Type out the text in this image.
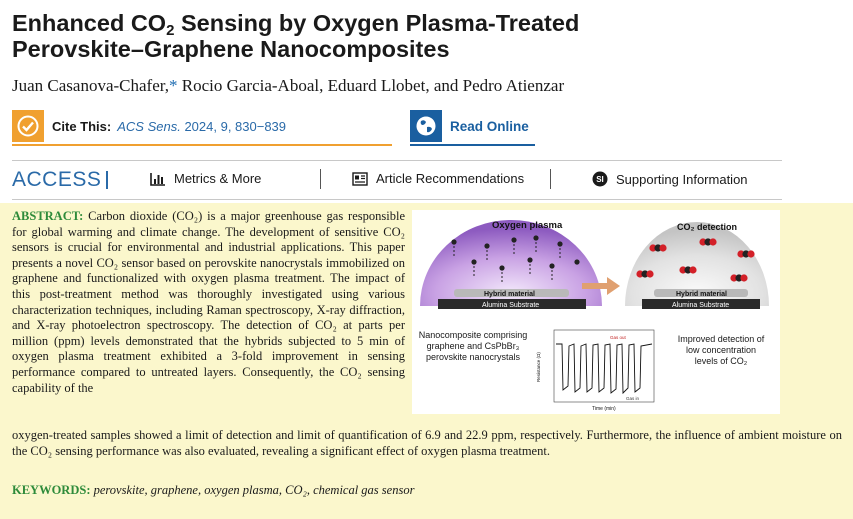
Enhanced $CO_2$ Sensing by Oxygen Plasma-Treated Perovskite–Graphene Nanocomposites
Juan Casanova-Chafer,* Rocio Garcia-Aboal, Eduard Llobet, and Pedro Atienzar
Cite This: ACS Sens. 2024, 9, 830−839	Read Online
ACCESS	Metrics & More	Article Recommendations	SI Supporting Information
ABSTRACT: Carbon dioxide (CO₂) is a major greenhouse gas responsible for global warming and climate change. The development of sensitive CO₂ sensors is crucial for environmental and industrial applications. This paper presents a novel CO₂ sensor based on perovskite nanocrystals immobilized on graphene and functionalized with oxygen plasma treatment. The impact of this post-treatment method was thoroughly investigated using various characterization techniques, including Raman spectroscopy, X-ray diffraction, and X-ray photoelectron spectroscopy. The detection of CO₂ at parts per million (ppm) levels demonstrated that the hybrids subjected to 5 min of oxygen plasma treatment exhibited a 3-fold improvement in sensing performance compared to untreated layers. Consequently, the CO₂ sensing capability of the
oxygen-treated samples showed a limit of detection and limit of quantification of 6.9 and 22.9 ppm, respectively. Furthermore, the influence of ambient moisture on the CO₂ sensing performance was also evaluated, revealing a significant effect of oxygen plasma treatment.
KEYWORDS: perovskite, graphene, oxygen plasma, CO₂, chemical gas sensor
Oxygen plasma
Hybrid material
Alumina Substrate
CO₂ detection
Hybrid material
Alumina Substrate
Gas out
Gas in
Time (min)
Resistance (Ω)
Nanocomposite comprising
graphene and CsPbBr₃
perovskite nanocrystals
Improved detection of
low concentration
levels of CO₂
